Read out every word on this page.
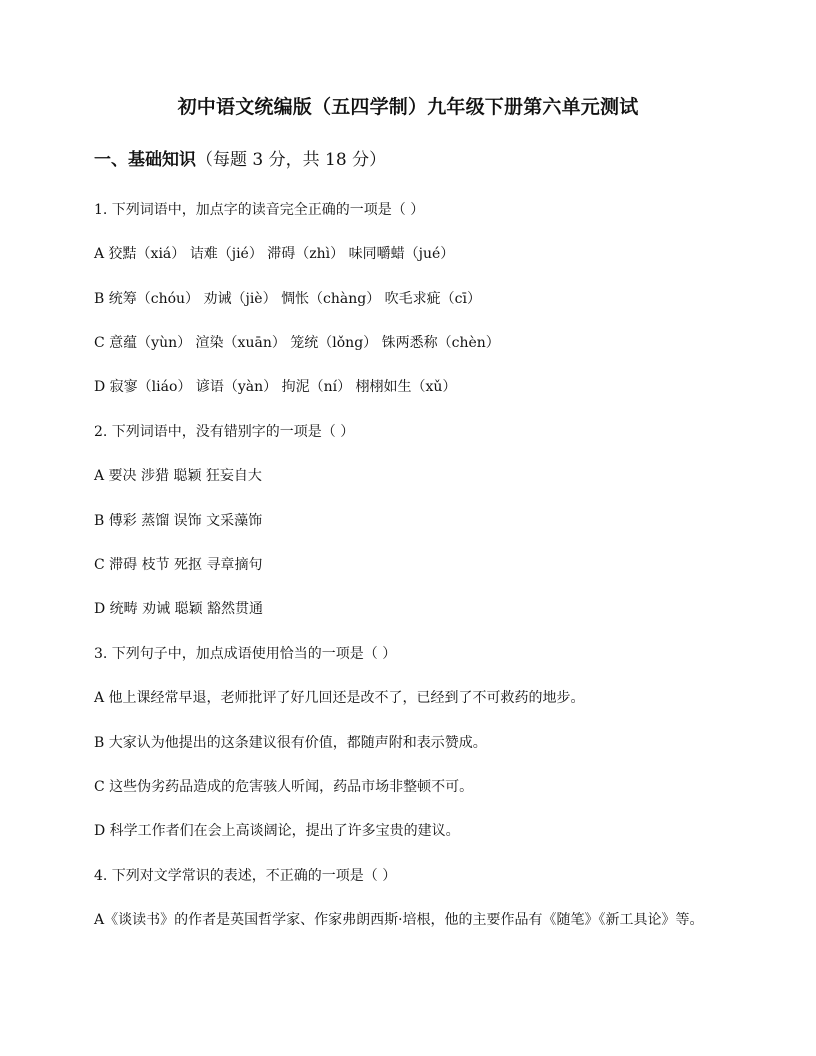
初中语文统编版（五四学制）九年级下册第六单元测试
一、基础知识（每题 3 分，共 18 分）
1. 下列词语中，加点字的读音完全正确的一项是（ ）
A 狡黠（xiá） 诘难（jié） 滞碍（zhì） 味同嚼蜡（jué）
B 统筹（chóu） 劝诫（jiè） 惆怅（chàng） 吹毛求疵（cī）
C 意蕴（yùn） 渲染（xuān） 笼统（lǒng） 铢两悉称（chèn）
D 寂寥（liáo） 谚语（yàn） 拘泥（ní） 栩栩如生（xǔ）
2. 下列词语中，没有错别字的一项是（ ）
A 要决 涉猎 聪颖 狂妄自大
B 傅彩 蒸馏 误饰 文采藻饰
C 滞碍 枝节 死抠 寻章摘句
D 统畴 劝诫 聪颖 豁然贯通
3. 下列句子中，加点成语使用恰当的一项是（ ）
A 他上课经常早退，老师批评了好几回还是改不了，已经到了不可救药的地步。
B 大家认为他提出的这条建议很有价值，都随声附和表示赞成。
C 这些伪劣药品造成的危害骇人听闻，药品市场非整顿不可。
D 科学工作者们在会上高谈阔论，提出了许多宝贵的建议。
4. 下列对文学常识的表述，不正确的一项是（ ）
A《谈读书》的作者是英国哲学家、作家弗朗西斯·培根，他的主要作品有《随笔》《新工具论》等。
